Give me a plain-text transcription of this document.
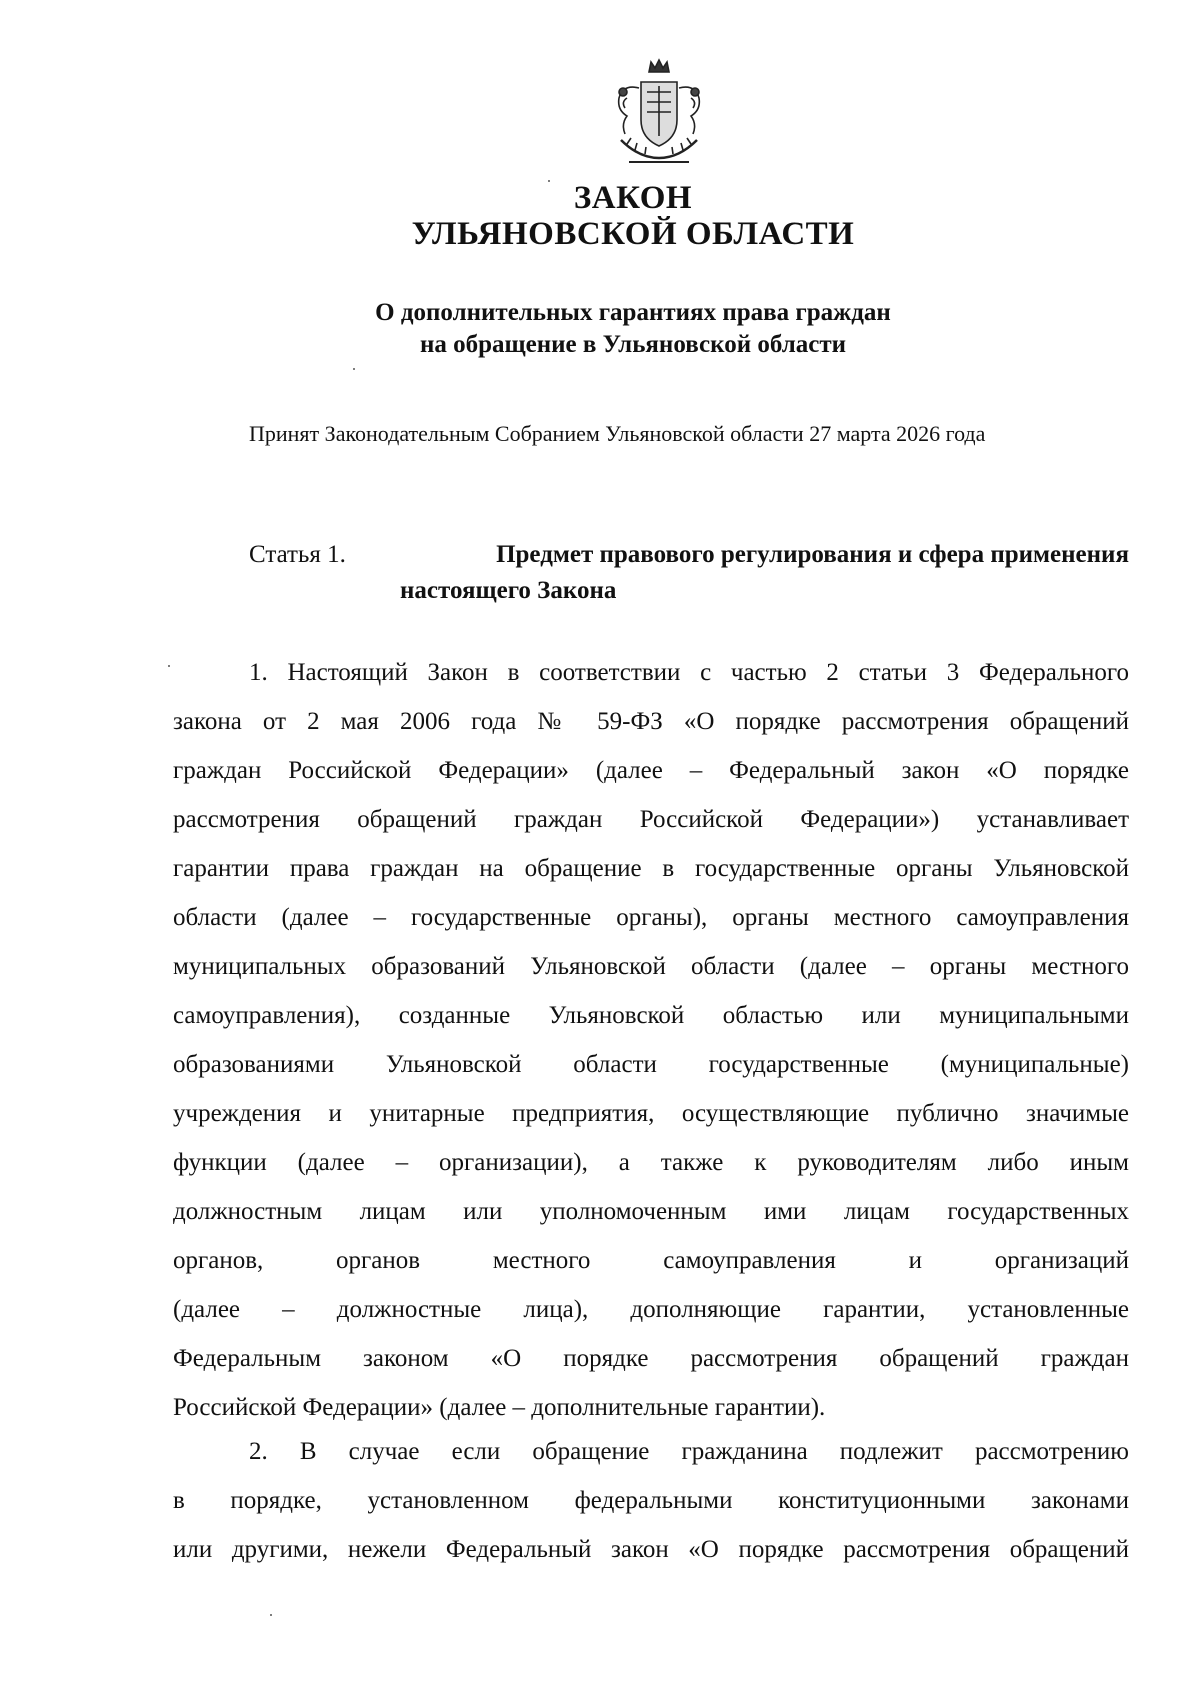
ЗАКОН
УЛЬЯНОВСКОЙ ОБЛАСТИ
О дополнительных гарантиях права граждан
на обращение в Ульяновской области
Принят Законодательным Собранием Ульяновской области 27 марта 2026 года
Статья 1.	Предмет правового регулирования и сфера применения
настоящего Закона
1. Настоящий Закон в соответствии с частью 2 статьи 3 Федерального
закона от 2 мая 2006 года № 59-ФЗ «О порядке рассмотрения обращений
граждан Российской Федерации» (далее – Федеральный закон «О порядке
рассмотрения обращений граждан Российской Федерации») устанавливает
гарантии права граждан на обращение в государственные органы Ульяновской
области (далее – государственные органы), органы местного самоуправления
муниципальных образований Ульяновской области (далее – органы местного
самоуправления), созданные Ульяновской областью или муниципальными
образованиями Ульяновской области государственные (муниципальные)
учреждения и унитарные предприятия, осуществляющие публично значимые
функции (далее – организации), а также к руководителям либо иным
должностным лицам или уполномоченным ими лицам государственных
органов, органов местного самоуправления и организаций
(далее – должностные лица), дополняющие гарантии, установленные
Федеральным законом «О порядке рассмотрения обращений граждан
Российской Федерации» (далее – дополнительные гарантии).
2. В случае если обращение гражданина подлежит рассмотрению
в порядке, установленном федеральными конституционными законами
или другими, нежели Федеральный закон «О порядке рассмотрения обращений
